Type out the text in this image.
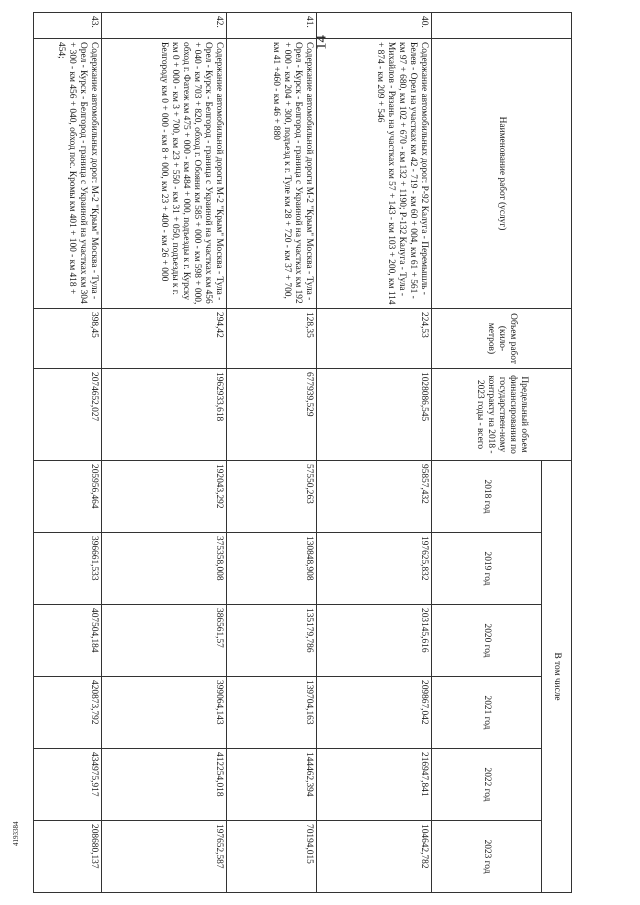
14
4193384
	Наименование работ (услуг)	Объем работ (кило-метров)	Предельный объем финансирования по государствен-ному контракту на 2018 - 2023 годы - всего	В том числе					
				2018 год	2019 год	2020 год	2021 год	2022 год	2023 год
40.	Содержание автомобильных дорог: Р-92 Калуга - Перемышль - Белев - Орел на участках км 42 - 719 - км 60 + 004, км 61 + 561 - км 97 + 680, км 102 + 670 - км 132 + 1190; Р-132 Калуга - Тула - Михайлов - Рязань на участках км 57 + 143 - км 103 + 200, км 114 + 874 - км 209 + 546	224,53	1028086,545	95857,432	197625,832	203145,616	209867,042	216947,841	104642,782
41.	Содержание автомобильной дороги М-2 "Крым" Москва - Тула - Орел - Курск - Белгород - граница с Украиной на участках км 192 + 000 - км 204 + 300, подъезд к г. Туле км 28 + 720 - км 37 + 700, км 41 +460 - км 46 + 880	128,35	677939,529	57550,263	130848,908	135179,786	139704,163	144462,394	70194,015
42.	Содержание автомобильной дороги М-2 "Крым" Москва - Тула - Орел - Курск - Белгород - граница с Украиной на участках км 456 + 040 - км 703 + 820, обход г. Обояни км 585 + 000 - км 598 + 000, обход г. Фатеж км 475 + 000 - км 484 + 000, подъезды к г. Курску км 0 + 000 - км 3 + 700, км 23 + 550 - км 31 + 050, подъезды к г. Белгороду км 0 + 000 - км 8 + 000, км 23 + 400 - км 26 + 000	294,42	1962933,618	192043,292	375358,008	386561,57	399064,143	412254,018	197652,587
43.	Содержание автомобильных дорог: М-2 "Крым" Москва - Тула - Орел - Курск - Белгород - граница с Украиной на участках км 304 + 300 - км 456 + 040, обход пос. Кромы км 401 + 100 - км 418 + 454;	398,45	2074652,027	205956,464	396661,533	407504,184	420873,792	434975,917	208680,137
